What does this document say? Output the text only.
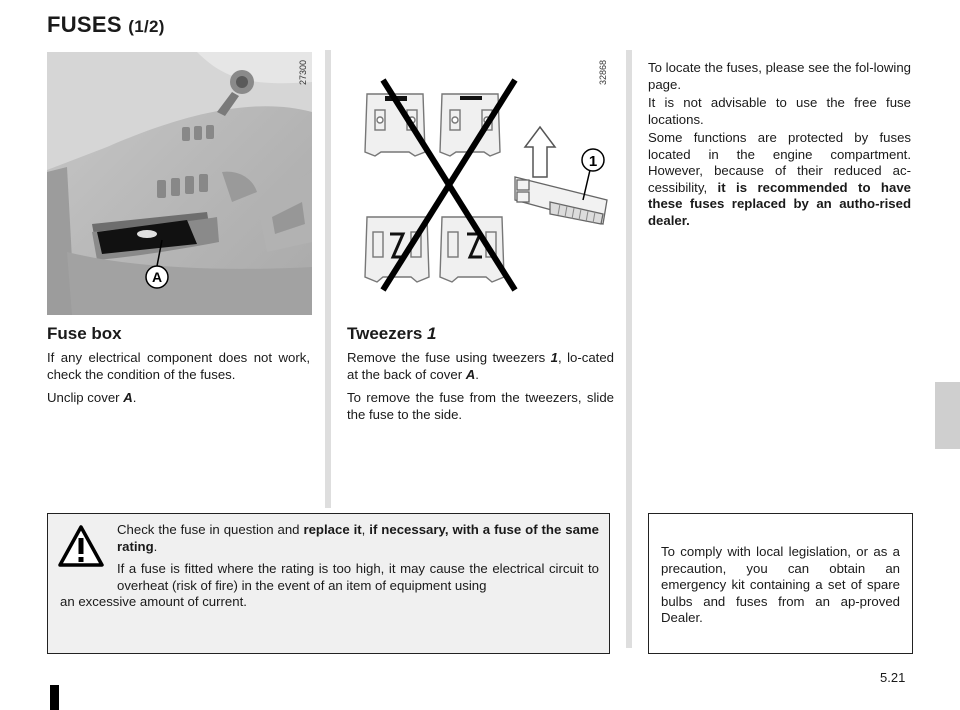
FUSES (1/2)
A
27300
1
32868
Fuse box

If any electrical component does not work, check the condition of the fuses.

Unclip cover A.

Tweezers 1

Remove the fuse using tweezers 1, lo-cated at the back of cover A.

To remove the fuse from the tweezers, slide the fuse to the side.

To locate the fuses, please see the fol-lowing page.

It is not advisable to use the free fuse locations.

Some functions are protected by fuses located in the engine compartment. However, because of their reduced ac-cessibility, it is recommended to have these fuses replaced by an autho-rised dealer.

Check the fuse in question and replace it, if necessary, with a fuse of the same rating.

If a fuse is fitted where the rating is too high, it may cause the electrical circuit to overheat (risk of fire) in the event of an item of equipment using

an excessive amount of current.

To comply with local legislation, or as a precaution, you can obtain an emergency kit containing a set of spare bulbs and fuses from an ap-proved Dealer.

5.21
